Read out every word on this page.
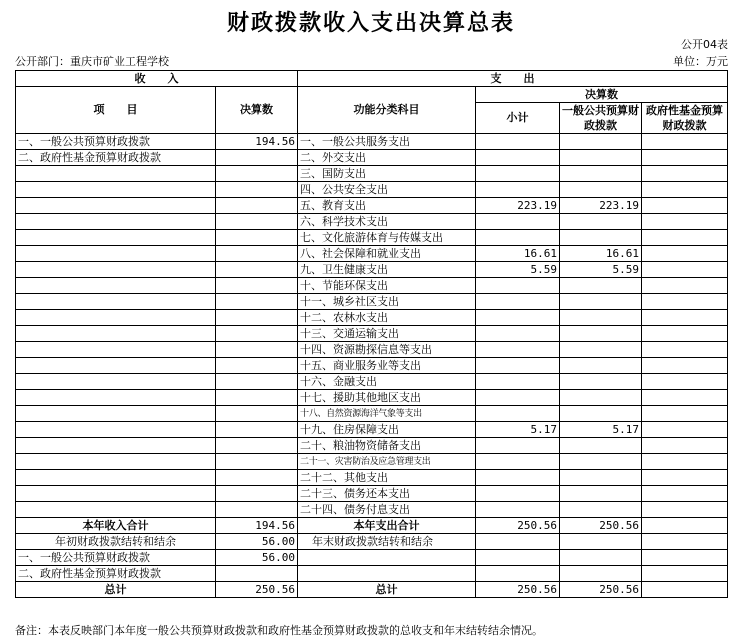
财政拨款收入支出决算总表
公开04表
公开部门：重庆市矿业工程学校	单位：万元
收　　入		支　　出			
项　　目	决算数	功能分类科目	决算数		
			小计	一般公共预算财政拨款	政府性基金预算财政拨款
一、一般公共预算财政拨款	194.56	一、一般公共服务支出			
二、政府性基金预算财政拨款		二、外交支出			
		三、国防支出			
		四、公共安全支出			
		五、教育支出	223.19	223.19	
		六、科学技术支出			
		七、文化旅游体育与传媒支出			
		八、社会保障和就业支出	16.61	16.61	
		九、卫生健康支出	5.59	5.59	
		十、节能环保支出			
		十一、城乡社区支出			
		十二、农林水支出			
		十三、交通运输支出			
		十四、资源勘探信息等支出			
		十五、商业服务业等支出			
		十六、金融支出			
		十七、援助其他地区支出			
		十八、自然资源海洋气象等支出			
		十九、住房保障支出	5.17	5.17	
		二十、粮油物资储备支出			
		二十一、灾害防治及应急管理支出			
		二十二、其他支出			
		二十三、债务还本支出			
		二十四、债务付息支出			
本年收入合计	194.56	本年支出合计	250.56	250.56	
年初财政拨款结转和结余	56.00	年末财政拨款结转和结余			
一、一般公共预算财政拨款	56.00				
二、政府性基金预算财政拨款					
总计	250.56	总计	250.56	250.56	
备注：本表反映部门本年度一般公共预算财政拨款和政府性基金预算财政拨款的总收支和年末结转结余情况。
